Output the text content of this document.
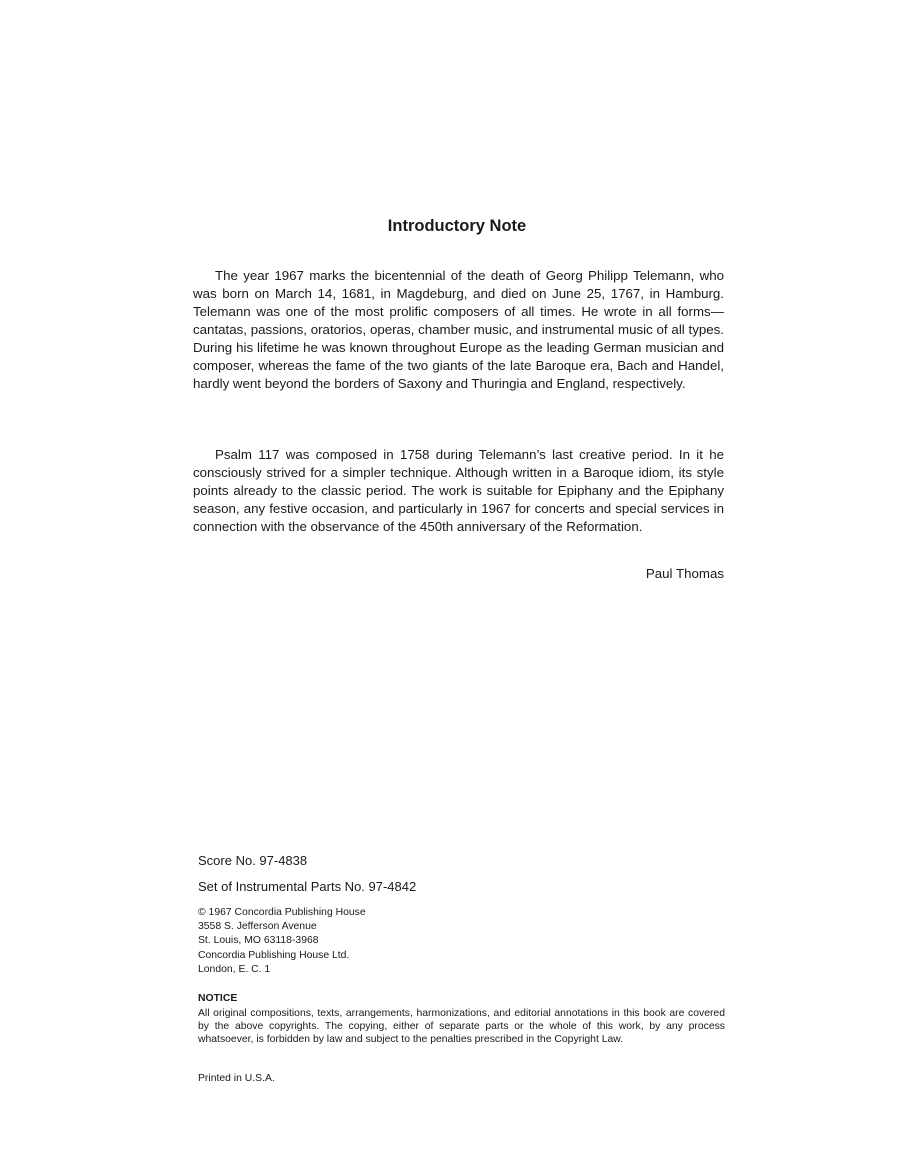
Introductory Note

The year 1967 marks the bicentennial of the death of Georg Philipp Telemann, who was born on March 14, 1681, in Magdeburg, and died on June 25, 1767, in Hamburg. Telemann was one of the most prolific composers of all times. He wrote in all forms—cantatas, passions, oratorios, operas, chamber music, and instrumental music of all types. During his lifetime he was known throughout Europe as the leading German musician and composer, whereas the fame of the two giants of the late Baroque era, Bach and Handel, hardly went beyond the borders of Saxony and Thuringia and England, respectively.

Psalm 117 was composed in 1758 during Telemann’s last creative period. In it he consciously strived for a simpler technique. Although written in a Baroque idiom, its style points already to the classic period. The work is suitable for Epiphany and the Epiphany season, any festive occasion, and particularly in 1967 for concerts and special services in connection with the observance of the 450th anniversary of the Reformation.

Paul Thomas

Score No. 97-4838

Set of Instrumental Parts No. 97-4842

© 1967 Concordia Publishing House
3558 S. Jefferson Avenue
St. Louis, MO 63118-3968
Concordia Publishing House Ltd.
London, E. C. 1

NOTICE

All original compositions, texts, arrangements, harmonizations, and editorial annotations in this book are covered by the above copyrights. The copying, either of separate parts or the whole of this work, by any process whatsoever, is forbidden by law and subject to the penalties prescribed in the Copyright Law.

Printed in U.S.A.
